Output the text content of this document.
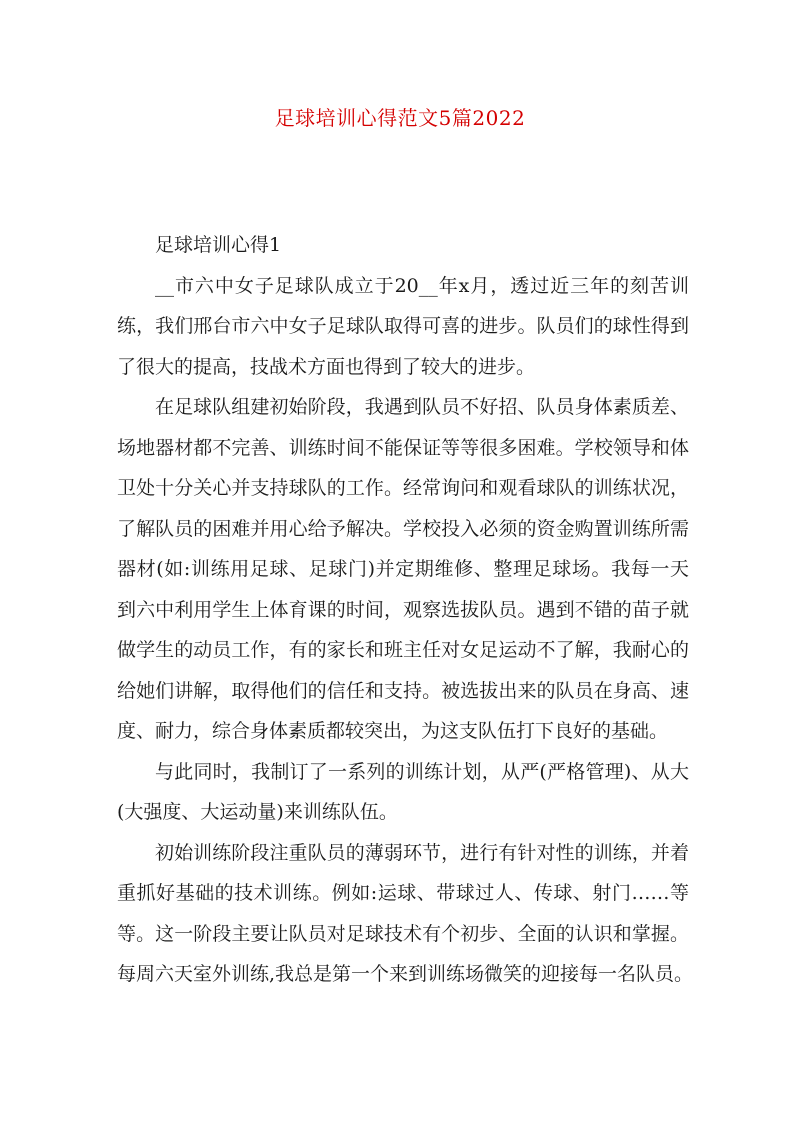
足球培训心得范文5篇2022

足球培训心得1

__市六中女子足球队成立于20__年x月，透过近三年的刻苦训
练，我们邢台市六中女子足球队取得可喜的进步。队员们的球性得到
了很大的提高，技战术方面也得到了较大的进步。

在足球队组建初始阶段，我遇到队员不好招、队员身体素质差、
场地器材都不完善、训练时间不能保证等等很多困难。学校领导和体
卫处十分关心并支持球队的工作。经常询问和观看球队的训练状况，
了解队员的困难并用心给予解决。学校投入必须的资金购置训练所需
器材(如:训练用足球、足球门)并定期维修、整理足球场。我每一天
到六中利用学生上体育课的时间，观察选拔队员。遇到不错的苗子就
做学生的动员工作，有的家长和班主任对女足运动不了解，我耐心的
给她们讲解，取得他们的信任和支持。被选拔出来的队员在身高、速
度、耐力，综合身体素质都较突出，为这支队伍打下良好的基础。

与此同时，我制订了一系列的训练计划，从严(严格管理)、从大
(大强度、大运动量)来训练队伍。

初始训练阶段注重队员的薄弱环节，进行有针对性的训练，并着
重抓好基础的技术训练。例如:运球、带球过人、传球、射门……等
等。这一阶段主要让队员对足球技术有个初步、全面的认识和掌握。
每周六天室外训练,我总是第一个来到训练场微笑的迎接每一名队员。
